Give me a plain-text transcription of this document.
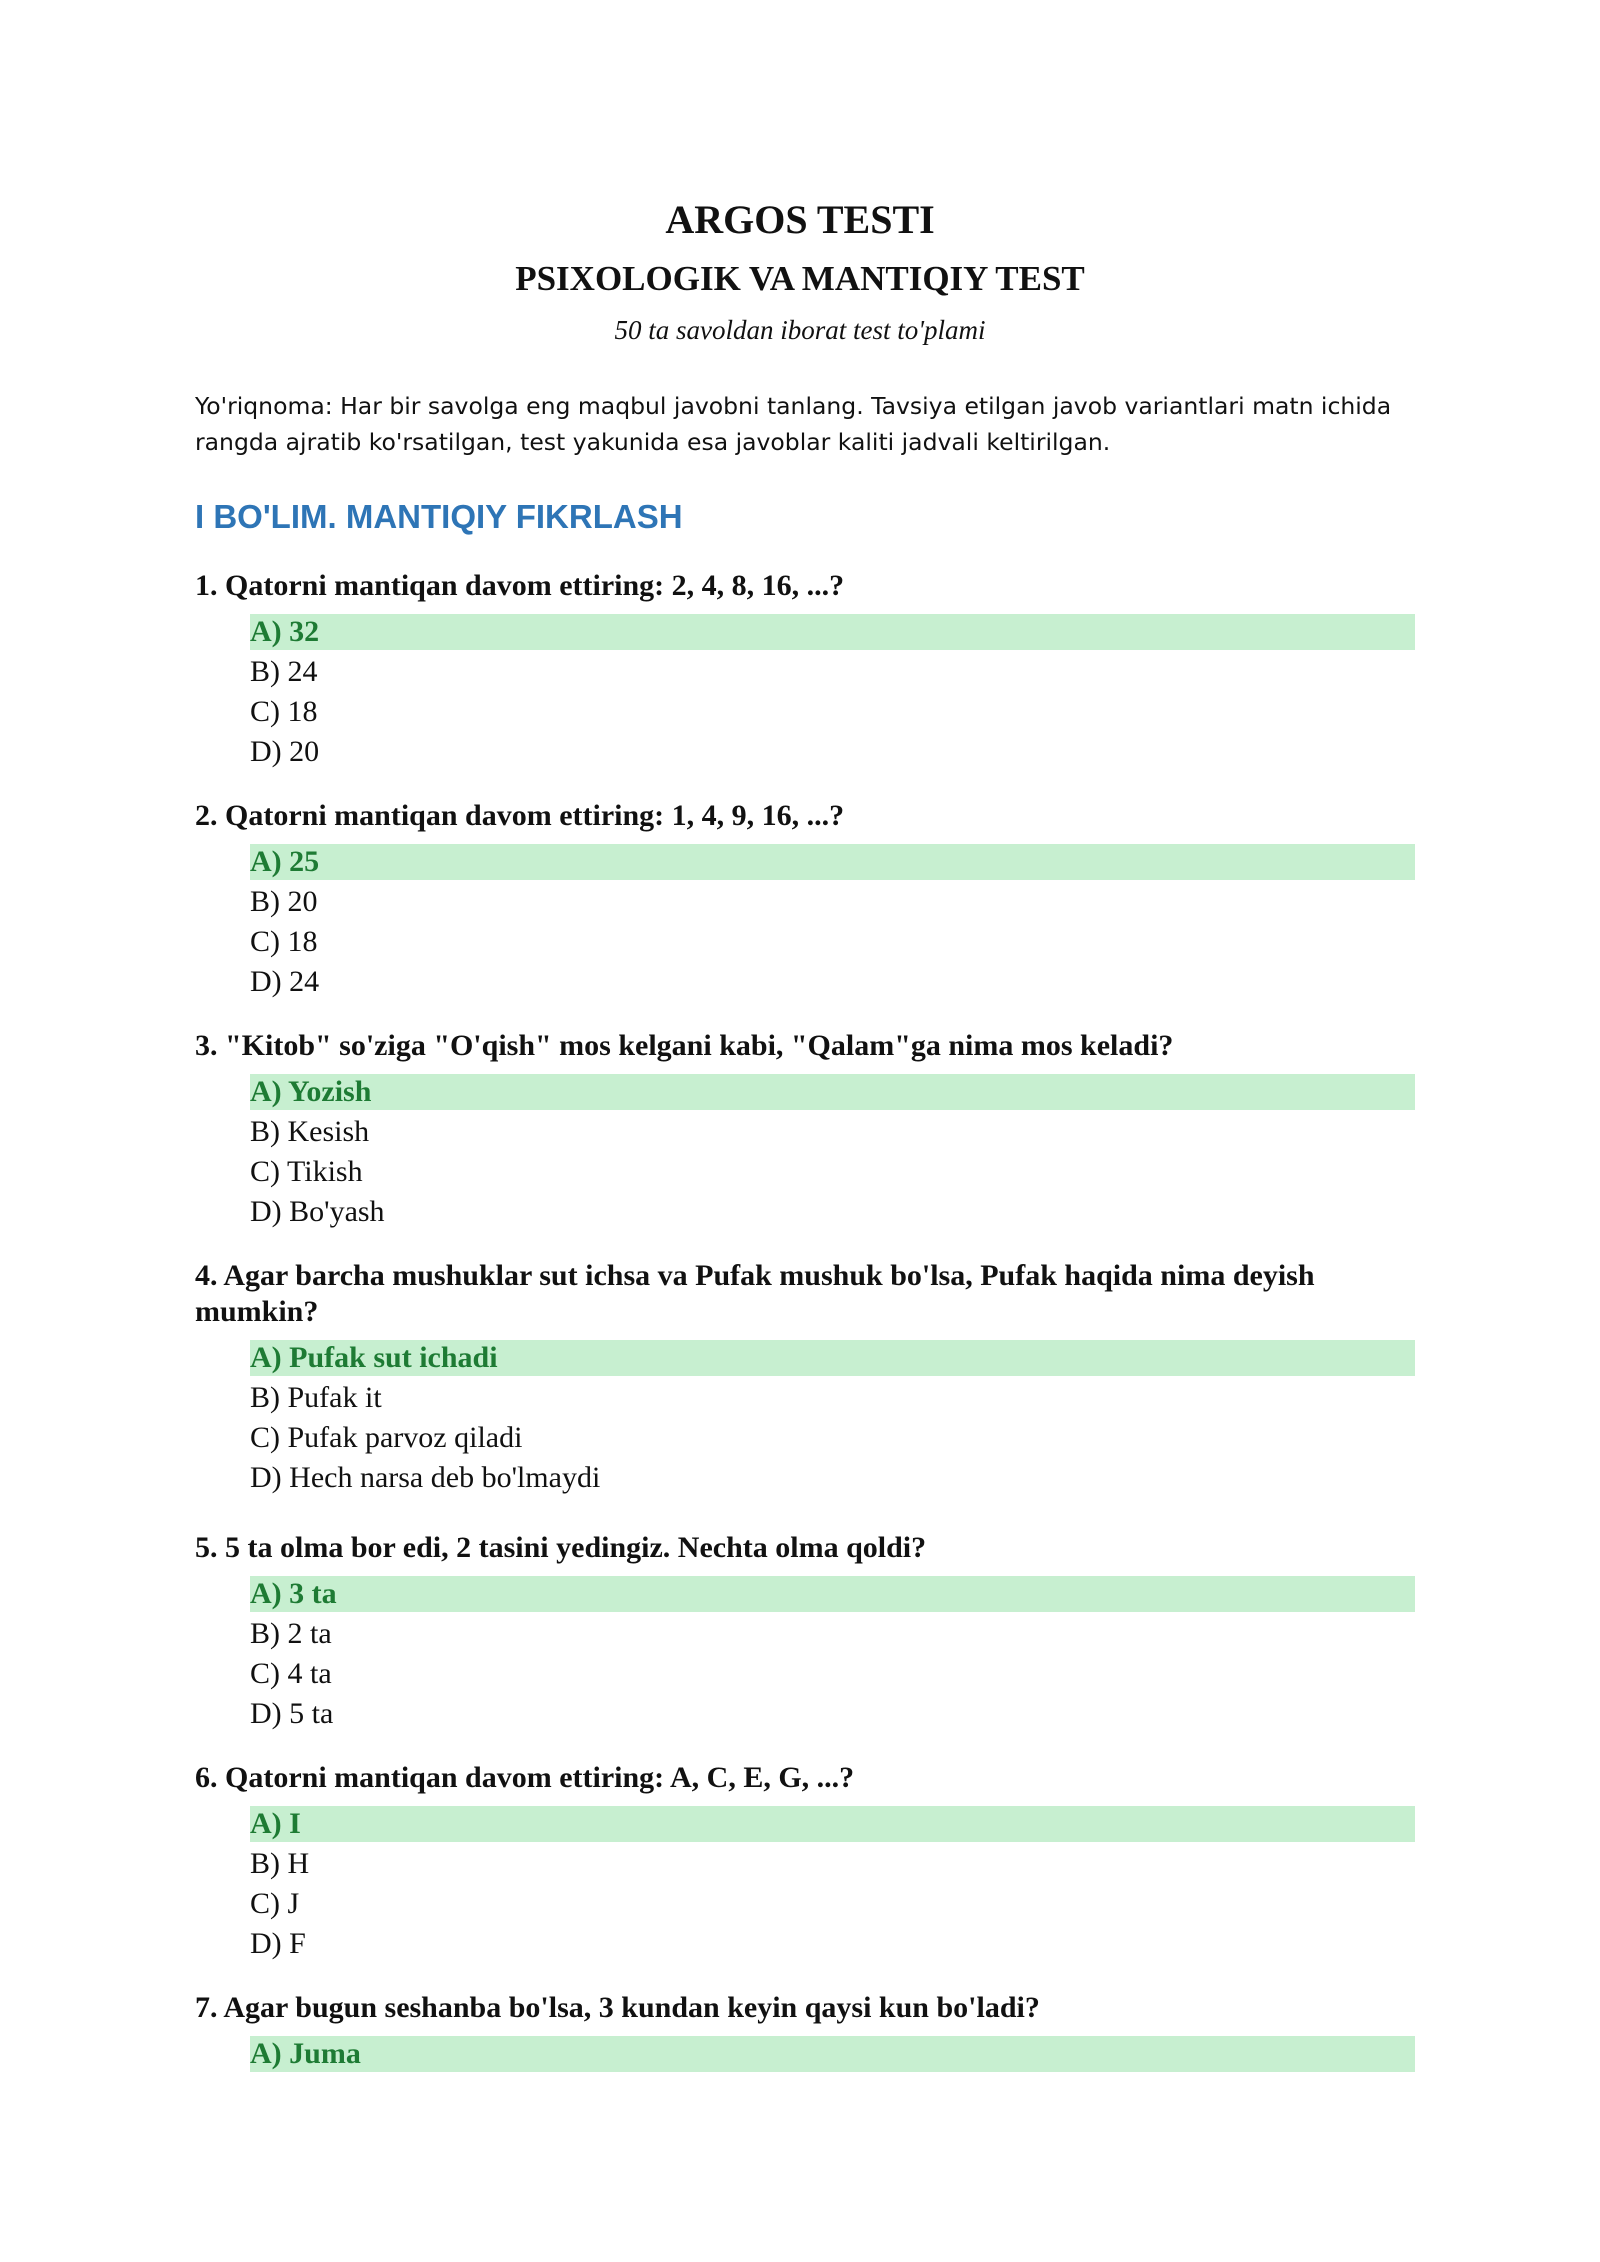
ARGOS TESTI
PSIXOLOGIK VA MANTIQIY TEST
50 ta savoldan iborat test to'plami
Yo'riqnoma: Har bir savolga eng maqbul javobni tanlang. Tavsiya etilgan javob variantlari matn ichida rangda ajratib ko'rsatilgan, test yakunida esa javoblar kaliti jadvali keltirilgan.
I BO'LIM. MANTIQIY FIKRLASH
1. Qatorni mantiqan davom ettiring: 2, 4, 8, 16, ...?
A) 32
B) 24
C) 18
D) 20
2. Qatorni mantiqan davom ettiring: 1, 4, 9, 16, ...?
A) 25
B) 20
C) 18
D) 24
3. "Kitob" so'ziga "O'qish" mos kelgani kabi, "Qalam"ga nima mos keladi?
A) Yozish
B) Kesish
C) Tikish
D) Bo'yash
4. Agar barcha mushuklar sut ichsa va Pufak mushuk bo'lsa, Pufak haqida nima deyish mumkin?
A) Pufak sut ichadi
B) Pufak it
C) Pufak parvoz qiladi
D) Hech narsa deb bo'lmaydi
5. 5 ta olma bor edi, 2 tasini yedingiz. Nechta olma qoldi?
A) 3 ta
B) 2 ta
C) 4 ta
D) 5 ta
6. Qatorni mantiqan davom ettiring: A, C, E, G, ...?
A) I
B) H
C) J
D) F
7. Agar bugun seshanba bo'lsa, 3 kundan keyin qaysi kun bo'ladi?
A) Juma
